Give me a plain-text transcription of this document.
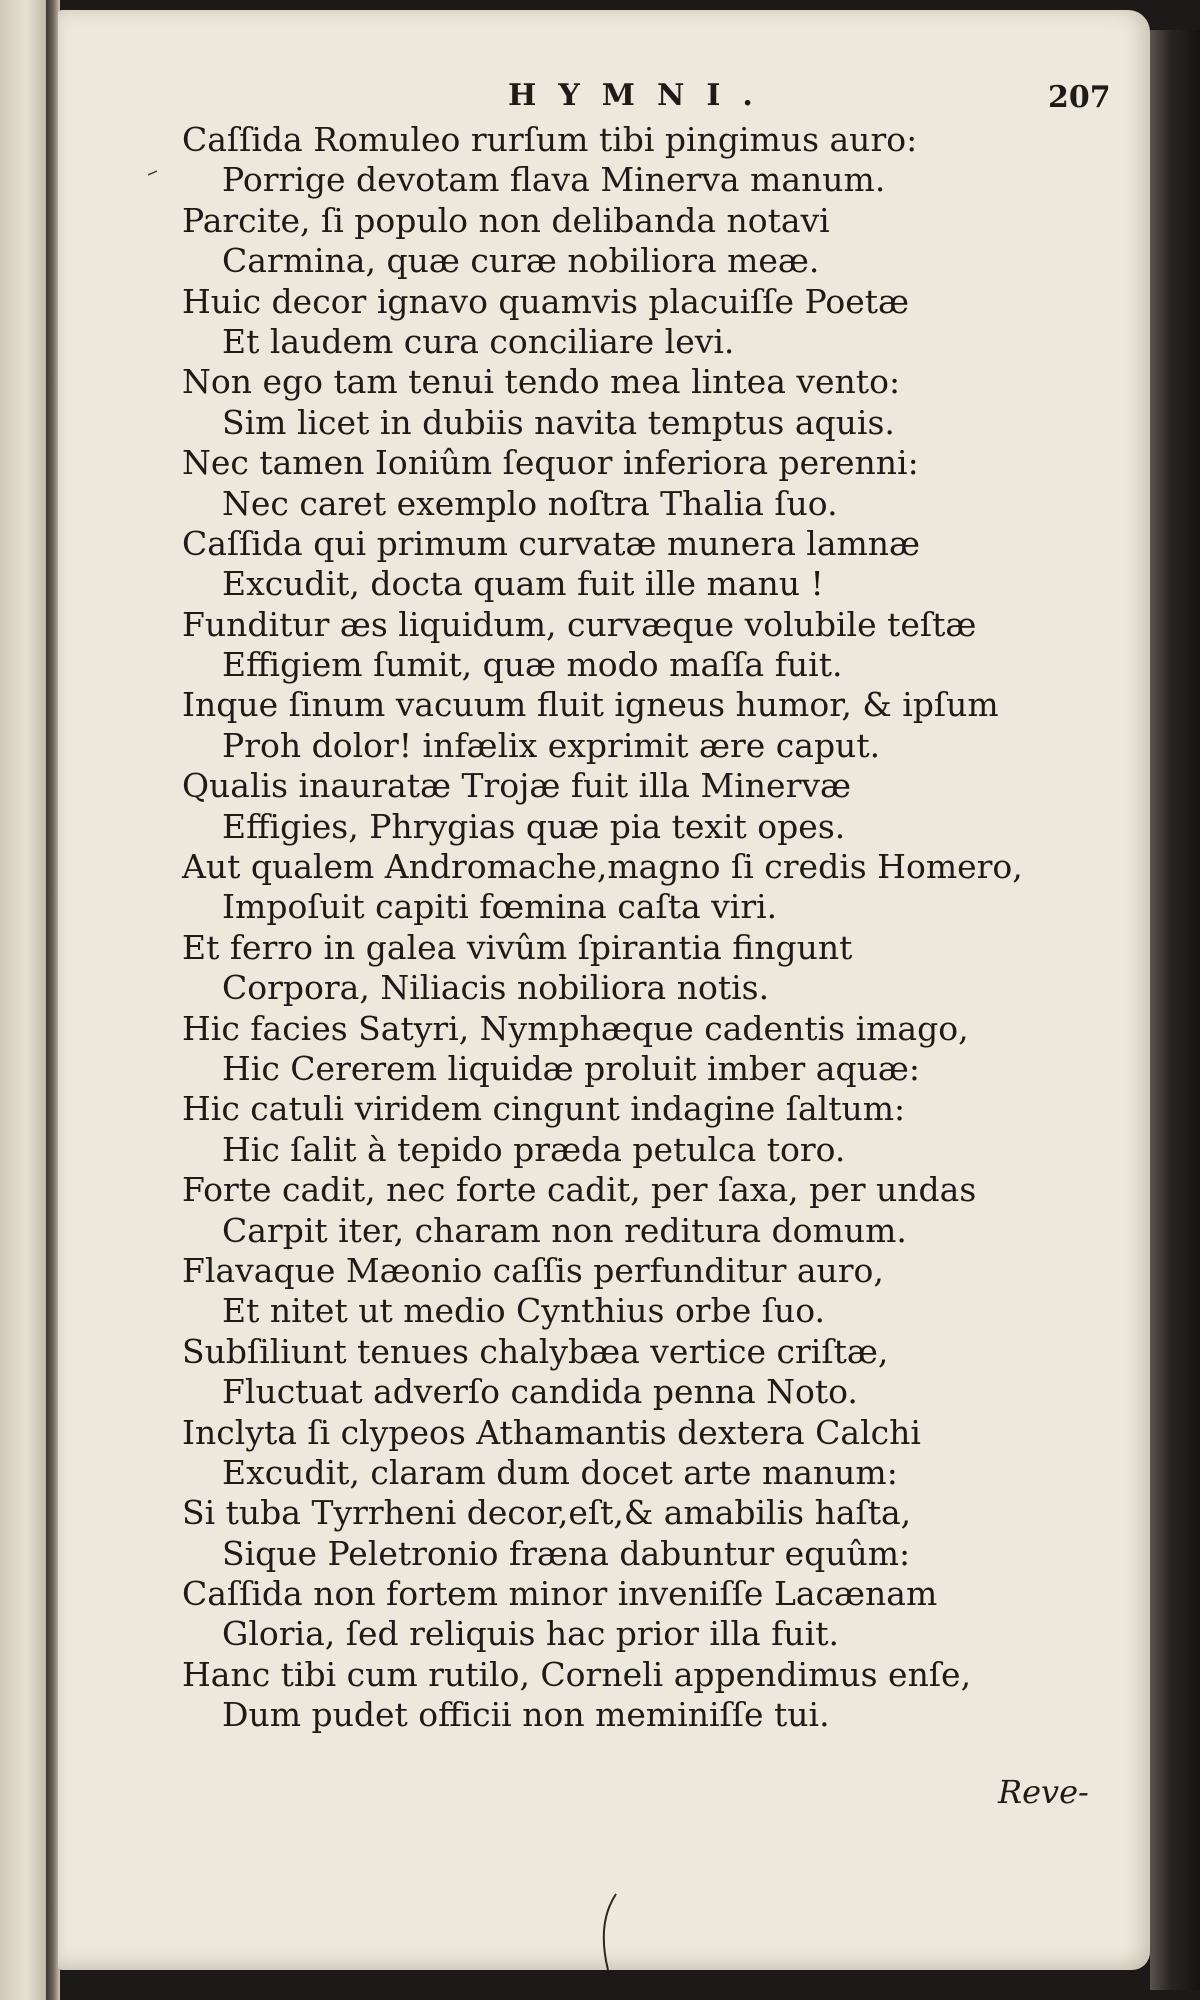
HYMNI.	207
Caſſida Romuleo rurſum tibi pingimus auro:
Porrige devotam flava Minerva manum.
Parcite, ſi populo non delibanda notavi
Carmina, quæ curæ nobiliora meæ.
Huic decor ignavo quamvis placuiſſe Poetæ
Et laudem cura conciliare levi.
Non ego tam tenui tendo mea lintea vento:
Sim licet in dubiis navita temptus aquis.
Nec tamen Ioniûm ſequor inferiora perenni:
Nec caret exemplo noſtra Thalia ſuo.
Caſſida qui primum curvatæ munera lamnæ
Excudit, docta quam fuit ille manu !
Funditur æs liquidum, curvæque volubile teſtæ
Effigiem ſumit, quæ modo maſſa fuit.
Inque ſinum vacuum fluit igneus humor, & ipſum
Proh dolor! infælix exprimit ære caput.
Qualis inauratæ Trojæ fuit illa Minervæ
Effigies, Phrygias quæ pia texit opes.
Aut qualem Andromache,magno ſi credis Homero,
Impoſuit capiti fœmina caſta viri.
Et ferro in galea vivûm ſpirantia fingunt
Corpora, Niliacis nobiliora notis.
Hic facies Satyri, Nymphæque cadentis imago,
Hic Cererem liquidæ proluit imber aquæ:
Hic catuli viridem cingunt indagine ſaltum:
Hic ſalit à tepido præda petulca toro.
Forte cadit, nec forte cadit, per ſaxa, per undas
Carpit iter, charam non reditura domum.
Flavaque Mæonio caſſis perfunditur auro,
Et nitet ut medio Cynthius orbe ſuo.
Subſiliunt tenues chalybæa vertice criſtæ,
Fluctuat adverſo candida penna Noto.
Inclyta ſi clypeos Athamantis dextera Calchi
Excudit, claram dum docet arte manum:
Si tuba Tyrrheni decor,eſt,& amabilis haſta,
Sique Peletronio fræna dabuntur equûm:
Caſſida non fortem minor inveniſſe Lacænam
Gloria, ſed reliquis hac prior illa fuit.
Hanc tibi cum rutilo, Corneli appendimus enſe,
Dum pudet officii non meminiſſe tui.
Reve-
